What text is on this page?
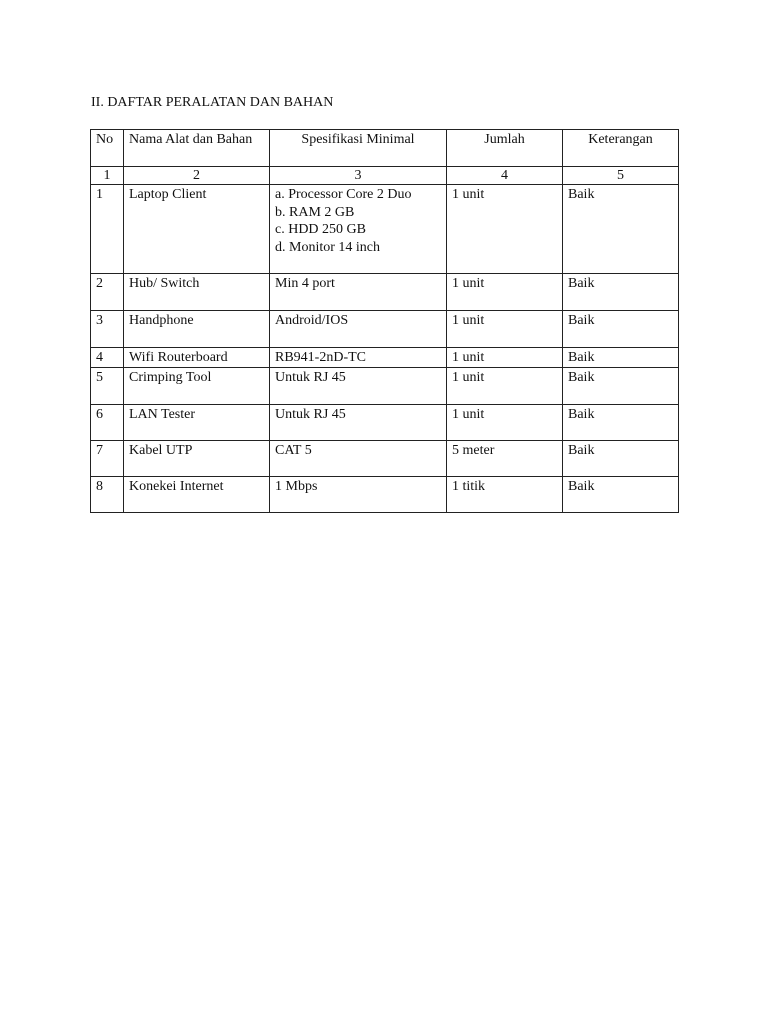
II. DAFTAR PERALATAN DAN BAHAN
No	Nama Alat dan Bahan	Spesifikasi Minimal	Jumlah	Keterangan
1	2	3	4	5
1	Laptop Client	a. Processor Core 2 Duo
b. RAM 2 GB
c. HDD 250 GB
d. Monitor 14 inch	1 unit	Baik
2	Hub/ Switch	Min 4 port	1 unit	Baik
3	Handphone	Android/IOS	1 unit	Baik
4	Wifi Routerboard	RB941-2nD-TC	1 unit	Baik
5	Crimping Tool	Untuk RJ 45	1 unit	Baik
6	LAN Tester	Untuk RJ 45	1 unit	Baik
7	Kabel UTP	CAT 5	5 meter	Baik
8	Konekei Internet	1 Mbps	1 titik	Baik
